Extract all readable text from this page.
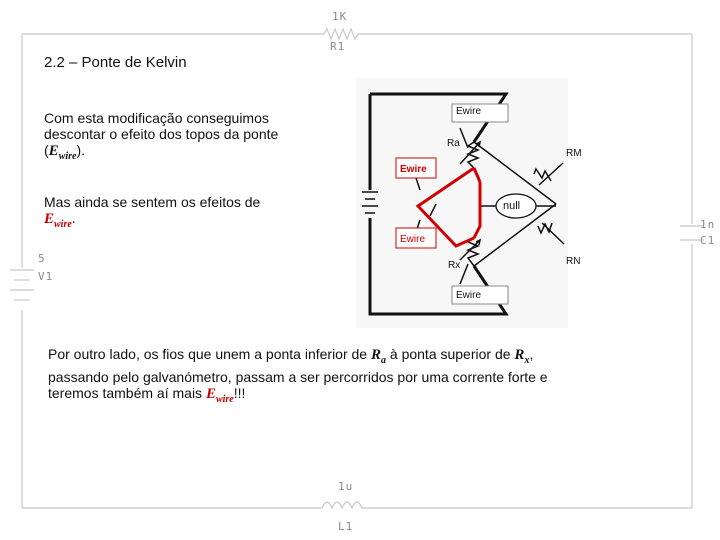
1K
R1
1n
C1
5
V1
1u
L1
2.2 – Ponte de Kelvin
Com esta modificação conseguimos
descontar o efeito dos topos da ponte
$(E_{wire})$.
Mas ainda se sentem os efeitos de
$E_{wire}$.
Por outro lado, os fios que unem a ponta inferior de $R_a$ à ponta superior de $R_x$,
passando pelo galvanómetro, passam a ser percorridos por uma corrente forte e
teremos também aí mais $E_{wire}$!!!
Ewire
Ewire
Ewire
Ewire
Ra
RM
Rx	RN
null
